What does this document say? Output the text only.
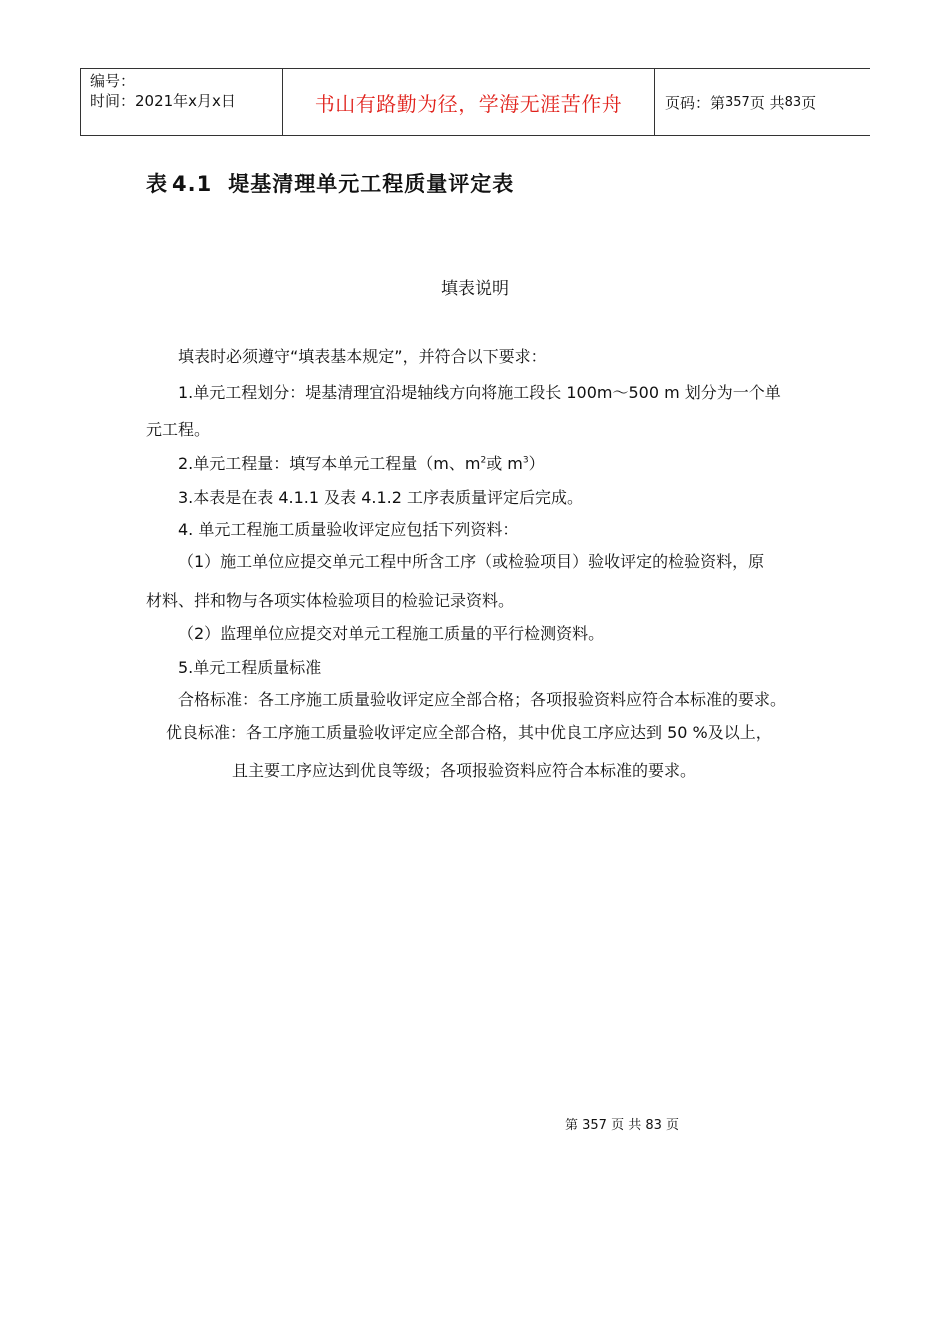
编号：
时间：2021年x月x日	书山有路勤为径，学海无涯苦作舟	页码：第 357 页 共 83 页
表 4.1 堤基清理单元工程质量评定表
填表说明
填表时必须遵守“填表基本规定”，并符合以下要求：
1.单元工程划分：堤基清理宜沿堤轴线方向将施工段长 100m～500 m 划分为一个单
元工程。
2.单元工程量：填写本单元工程量（m、$m^2$或 $m^3$）
3.本表是在表 4.1.1 及表 4.1.2 工序表质量评定后完成。
4. 单元工程施工质量验收评定应包括下列资料：
（1）施工单位应提交单元工程中所含工序（或检验项目）验收评定的检验资料，原
材料、拌和物与各项实体检验项目的检验记录资料。
（2）监理单位应提交对单元工程施工质量的平行检测资料。
5.单元工程质量标准
合格标准：各工序施工质量验收评定应全部合格；各项报验资料应符合本标准的要求。
优良标准：各工序施工质量验收评定应全部合格，其中优良工序应达到 50 %及以上，
且主要工序应达到优良等级；各项报验资料应符合本标准的要求。
第 357 页 共 83 页
